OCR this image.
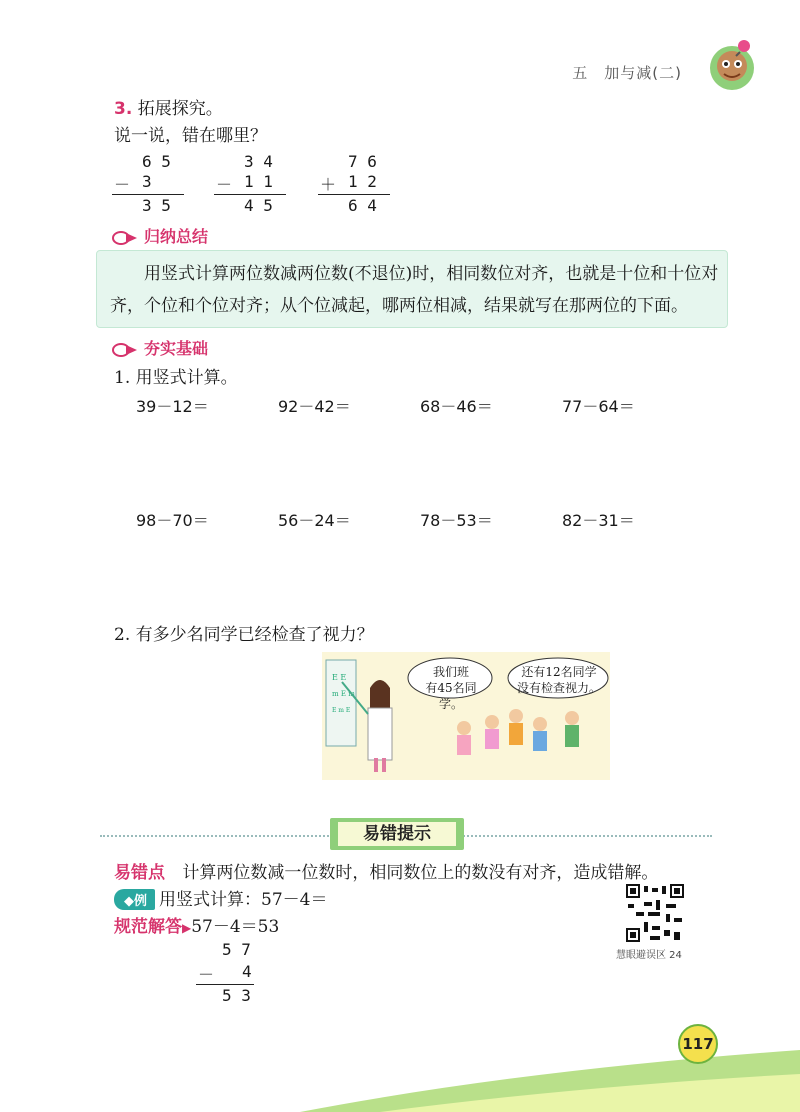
五　加与减(二)
3. 拓展探究。
说一说，错在哪里？
6 5
－ 3
3 5
3 4
－ 1 1
4 5
7 6
＋ 1 2
6 4
归纳总结
用竖式计算两位数减两位数(不退位)时，相同数位对齐，也就是十位和十位对齐，个位和个位对齐；从个位减起，哪两位相减，结果就写在那两位的下面。
夯实基础
1. 用竖式计算。
39－12＝	92－42＝	68－46＝	77－64＝
98－70＝	56－24＝	78－53＝	82－31＝
2. 有多少名同学已经检查了视力？
E E
m E m
E m E
我们班
有45名同学。
还有12名同学
没有检查视力。
易错提示
易错点 计算两位数减一位数时，相同数位上的数没有对齐，造成错解。
◆例 用竖式计算：57－4＝
规范解答▶57－4＝53
5 7
－ 4
5 3
慧眼避误区 24
117
